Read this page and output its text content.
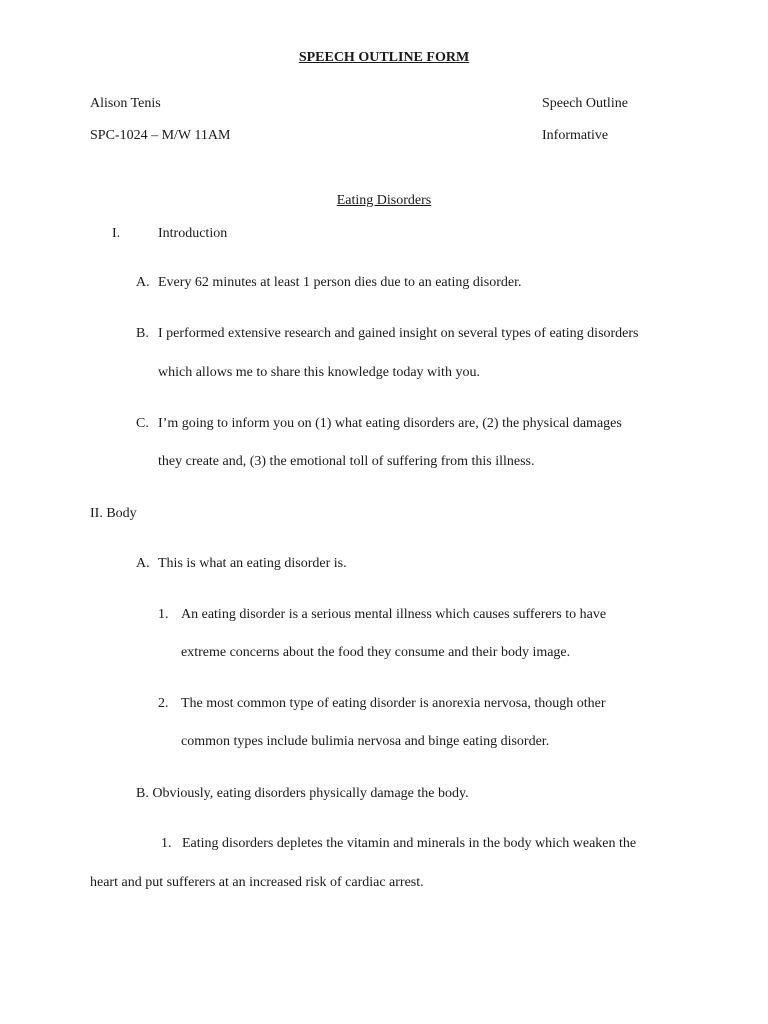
SPEECH OUTLINE FORM
Alison Tenis	Speech Outline
SPC-1024 – M/W 11AM	Informative
Eating Disorders
I.	Introduction
A. Every 62 minutes at least 1 person dies due to an eating disorder.
B. I performed extensive research and gained insight on several types of eating disorders
which allows me to share this knowledge today with you.
C. I’m going to inform you on (1) what eating disorders are, (2) the physical damages
they create and, (3) the emotional toll of suffering from this illness.
II. Body
A. This is what an eating disorder is.
1. An eating disorder is a serious mental illness which causes sufferers to have
extreme concerns about the food they consume and their body image.
2. The most common type of eating disorder is anorexia nervosa, though other
common types include bulimia nervosa and binge eating disorder.
B. Obviously, eating disorders physically damage the body.
1. Eating disorders depletes the vitamin and minerals in the body which weaken the
heart and put sufferers at an increased risk of cardiac arrest.
